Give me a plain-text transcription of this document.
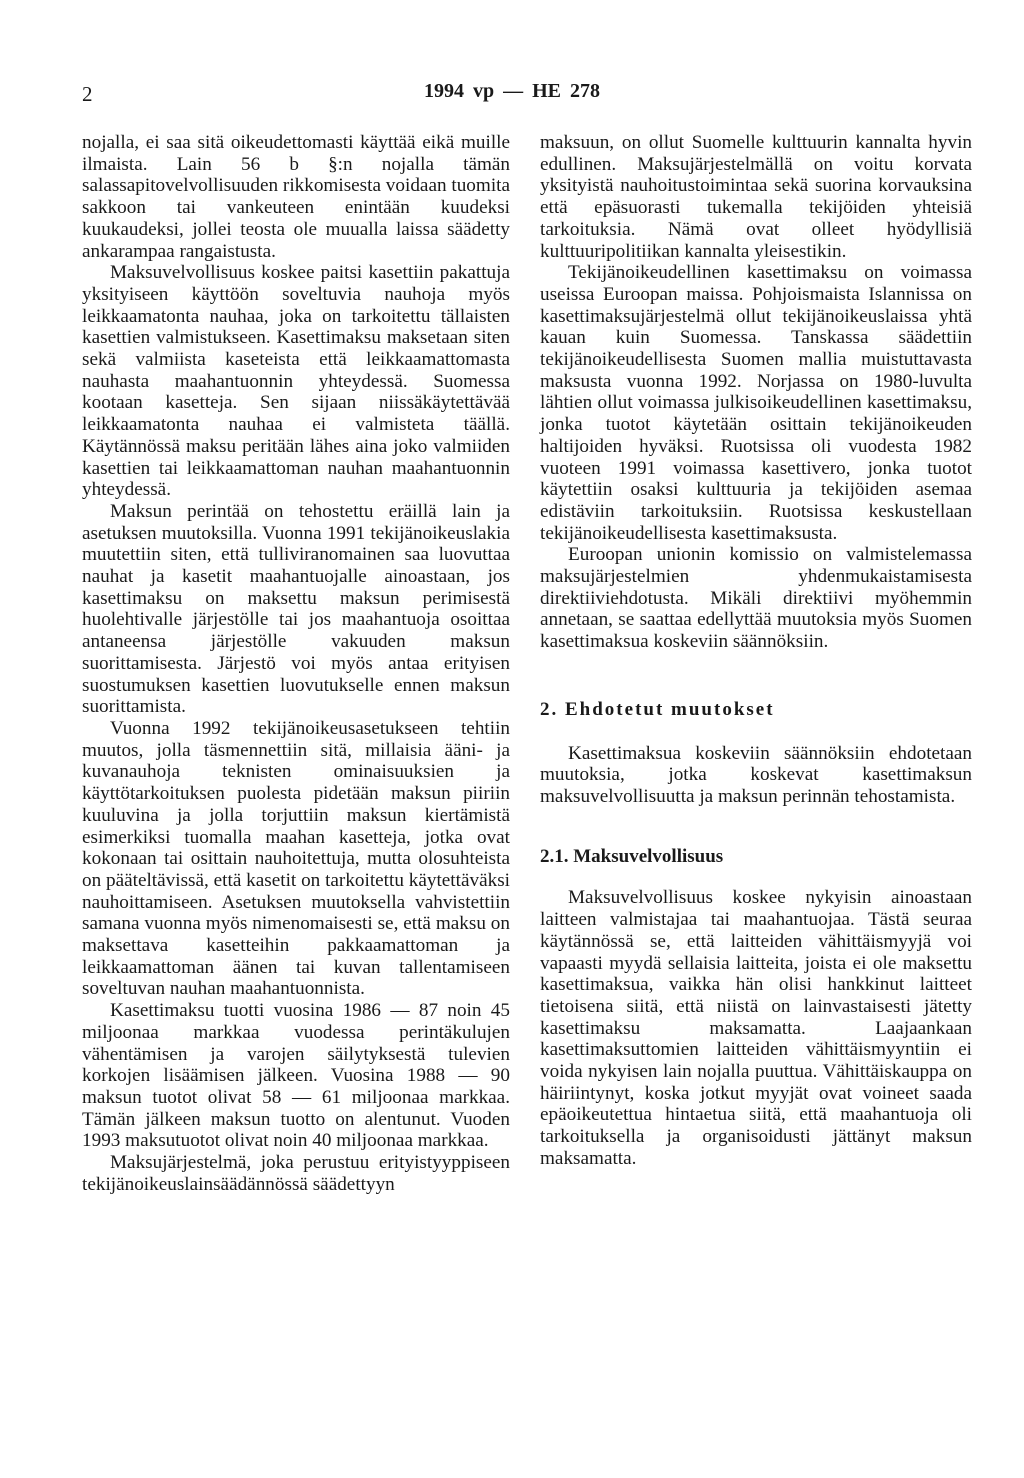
2	1994 vp — HE 278

nojalla, ei saa sitä oikeudettomasti käyttää eikä muille ilmaista. Lain 56 b §:n nojalla tämän salassapitovelvollisuuden rikkomisesta voidaan tuomita sakkoon tai vankeuteen enintään kuudeksi kuukaudeksi, jollei teosta ole muualla laissa säädetty ankarampaa rangaistusta.

Maksuvelvollisuus koskee paitsi kasettiin pakattuja yksityiseen käyttöön soveltuvia nauhoja myös leikkaamatonta nauhaa, joka on tarkoitettu tällaisten kasettien valmistukseen. Kasettimaksu maksetaan siten sekä valmiista kaseteista että leikkaamattomasta nauhasta maahantuonnin yhteydessä. Suomessa kootaan kasetteja. Sen sijaan niissäkäytettävää leikkaamatonta nauhaa ei valmisteta täällä. Käytännössä maksu peritään lähes aina joko valmiiden kasettien tai leikkaamattoman nauhan maahantuonnin yhteydessä.

Maksun perintää on tehostettu eräillä lain ja asetuksen muutoksilla. Vuonna 1991 tekijänoikeuslakia muutettiin siten, että tulliviranomainen saa luovuttaa nauhat ja kasetit maahantuojalle ainoastaan, jos kasettimaksu on maksettu maksun perimisestä huolehtivalle järjestölle tai jos maahantuoja osoittaa antaneensa järjestölle vakuuden maksun suorittamisesta. Järjestö voi myös antaa erityisen suostumuksen kasettien luovutukselle ennen maksun suorittamista.

Vuonna 1992 tekijänoikeusasetukseen tehtiin muutos, jolla täsmennettiin sitä, millaisia ääni- ja kuvanauhoja teknisten ominaisuuksien ja käyttötarkoituksen puolesta pidetään maksun piiriin kuuluvina ja jolla torjuttiin maksun kiertämistä esimerkiksi tuomalla maahan kasetteja, jotka ovat kokonaan tai osittain nauhoitettuja, mutta olosuhteista on pääteltävissä, että kasetit on tarkoitettu käytettäväksi nauhoittamiseen. Asetuksen muutoksella vahvistettiin samana vuonna myös nimenomaisesti se, että maksu on maksettava kasetteihin pakkaamattoman ja leikkaamattoman äänen tai kuvan tallentamiseen soveltuvan nauhan maahantuonnista.

Kasettimaksu tuotti vuosina 1986 — 87 noin 45 miljoonaa markkaa vuodessa perintäkulujen vähentämisen ja varojen säilytyksestä tulevien korkojen lisäämisen jälkeen. Vuosina 1988 — 90 maksun tuotot olivat 58 — 61 miljoonaa markkaa. Tämän jälkeen maksun tuotto on alentunut. Vuoden 1993 maksutuotot olivat noin 40 miljoonaa markkaa.

Maksujärjestelmä, joka perustuu erityistyyppiseen tekijänoikeuslainsäädännössä säädettyyn

maksuun, on ollut Suomelle kulttuurin kannalta hyvin edullinen. Maksujärjestelmällä on voitu korvata yksityistä nauhoitustoimintaa sekä suorina korvauksina että epäsuorasti tukemalla tekijöiden yhteisiä tarkoituksia. Nämä ovat olleet hyödyllisiä kulttuuripolitiikan kannalta yleisestikin.

Tekijänoikeudellinen kasettimaksu on voimassa useissa Euroopan maissa. Pohjoismaista Islannissa on kasettimaksujärjestelmä ollut tekijänoikeuslaissa yhtä kauan kuin Suomessa. Tanskassa säädettiin tekijänoikeudellisesta Suomen mallia muistuttavasta maksusta vuonna 1992. Norjassa on 1980-luvulta lähtien ollut voimassa julkisoikeudellinen kasettimaksu, jonka tuotot käytetään osittain tekijänoikeuden haltijoiden hyväksi. Ruotsissa oli vuodesta 1982 vuoteen 1991 voimassa kasettivero, jonka tuotot käytettiin osaksi kulttuuria ja tekijöiden asemaa edistäviin tarkoituksiin. Ruotsissa keskustellaan tekijänoikeudellisesta kasettimaksusta.

Euroopan unionin komissio on valmistelemassa maksujärjestelmien yhdenmukaistamisesta direktiiviehdotusta. Mikäli direktiivi myöhemmin annetaan, se saattaa edellyttää muutoksia myös Suomen kasettimaksua koskeviin säännöksiin.

2. Ehdotetut muutokset

Kasettimaksua koskeviin säännöksiin ehdotetaan muutoksia, jotka koskevat kasettimaksun maksuvelvollisuutta ja maksun perinnän tehostamista.

2.1. Maksuvelvollisuus

Maksuvelvollisuus koskee nykyisin ainoastaan laitteen valmistajaa tai maahantuojaa. Tästä seuraa käytännössä se, että laitteiden vähittäismyyjä voi vapaasti myydä sellaisia laitteita, joista ei ole maksettu kasettimaksua, vaikka hän olisi hankkinut laitteet tietoisena siitä, että niistä on lainvastaisesti jätetty kasettimaksu maksamatta. Laajaankaan kasettimaksuttomien laitteiden vähittäismyyntiin ei voida nykyisen lain nojalla puuttua. Vähittäiskauppa on häiriintynyt, koska jotkut myyjät ovat voineet saada epäoikeutettua hintaetua siitä, että maahantuoja oli tarkoituksella ja organisoidusti jättänyt maksun maksamatta.
